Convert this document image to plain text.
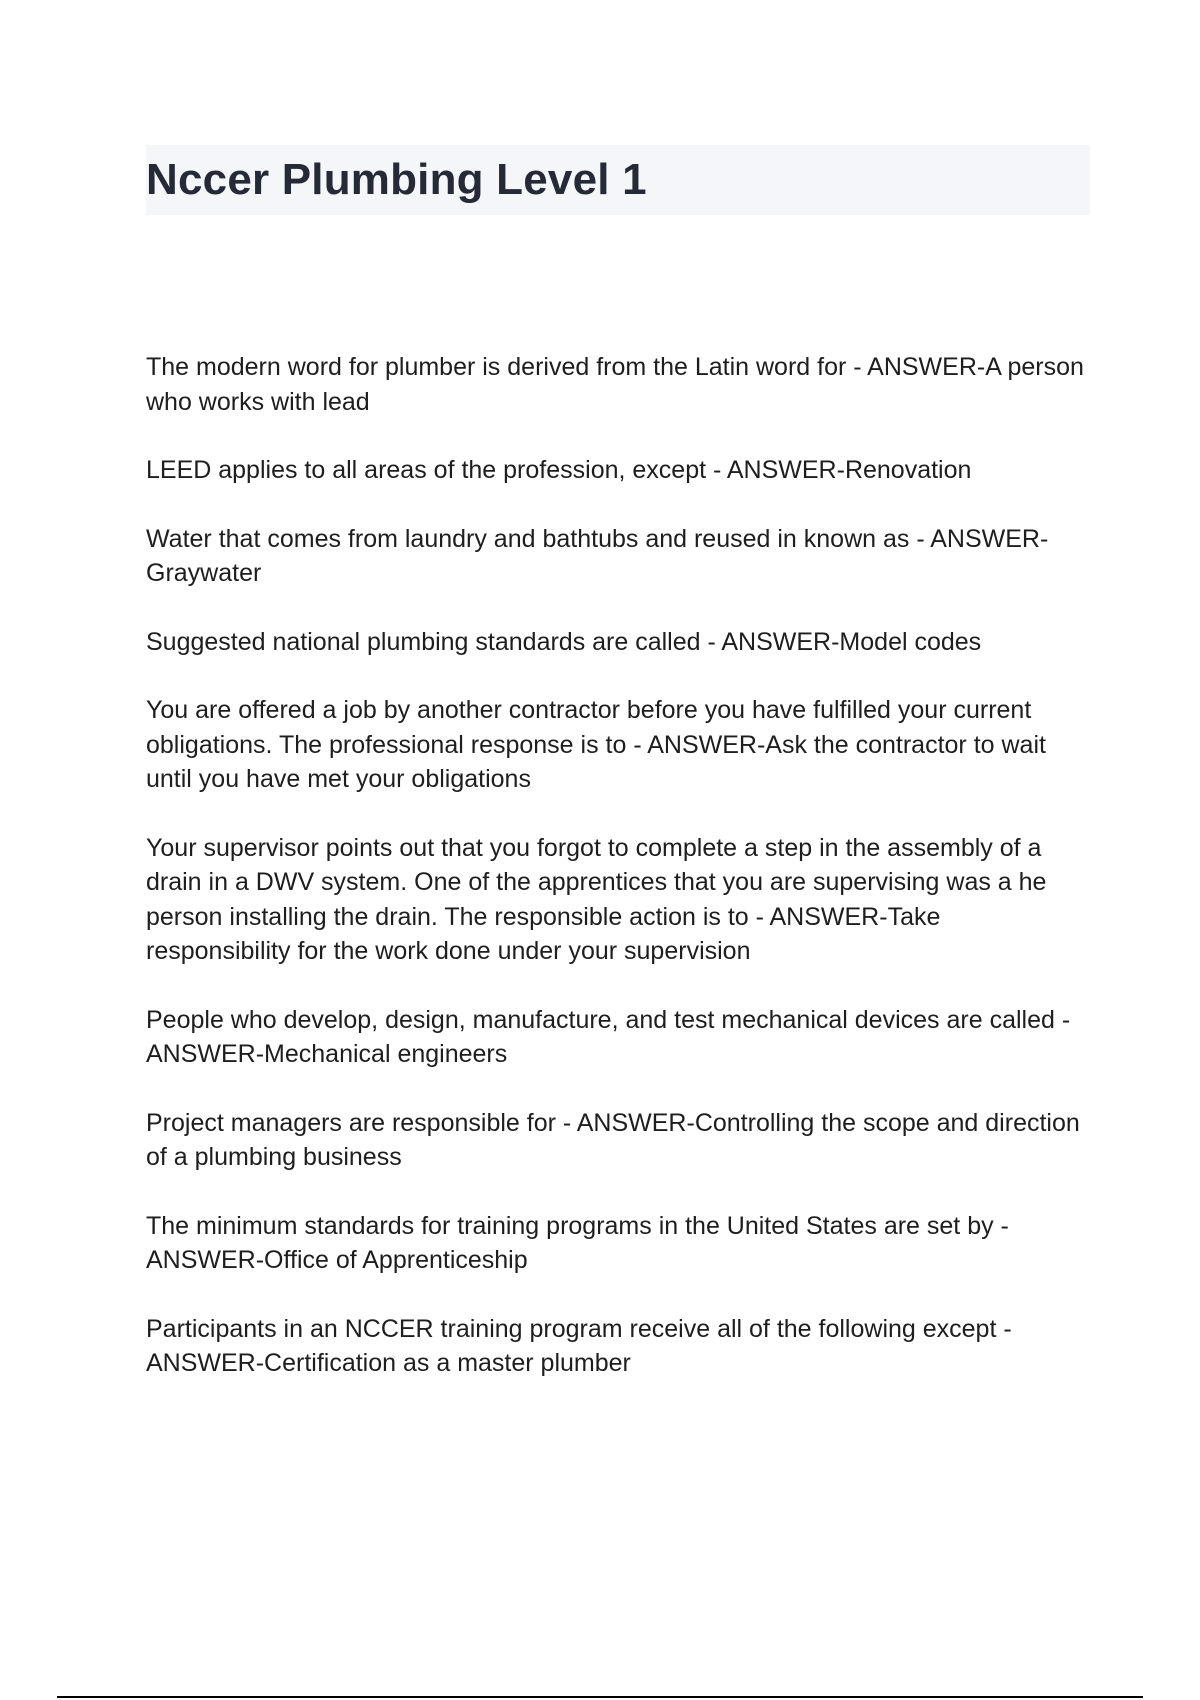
Nccer Plumbing Level 1

The modern word for plumber is derived from the Latin word for - ANSWER-A person who works with lead

LEED applies to all areas of the profession, except - ANSWER-Renovation

Water that comes from laundry and bathtubs and reused in known as - ANSWER-Graywater

Suggested national plumbing standards are called - ANSWER-Model codes

You are offered a job by another contractor before you have fulfilled your current obligations. The professional response is to - ANSWER-Ask the contractor to wait until you have met your obligations

Your supervisor points out that you forgot to complete a step in the assembly of a drain in a DWV system. One of the apprentices that you are supervising was a he person installing the drain. The responsible action is to - ANSWER-Take responsibility for the work done under your supervision

People who develop, design, manufacture, and test mechanical devices are called - ANSWER-Mechanical engineers

Project managers are responsible for - ANSWER-Controlling the scope and direction of a plumbing business

The minimum standards for training programs in the United States are set by - ANSWER-Office of Apprenticeship

Participants in an NCCER training program receive all of the following except - ANSWER-Certification as a master plumber
